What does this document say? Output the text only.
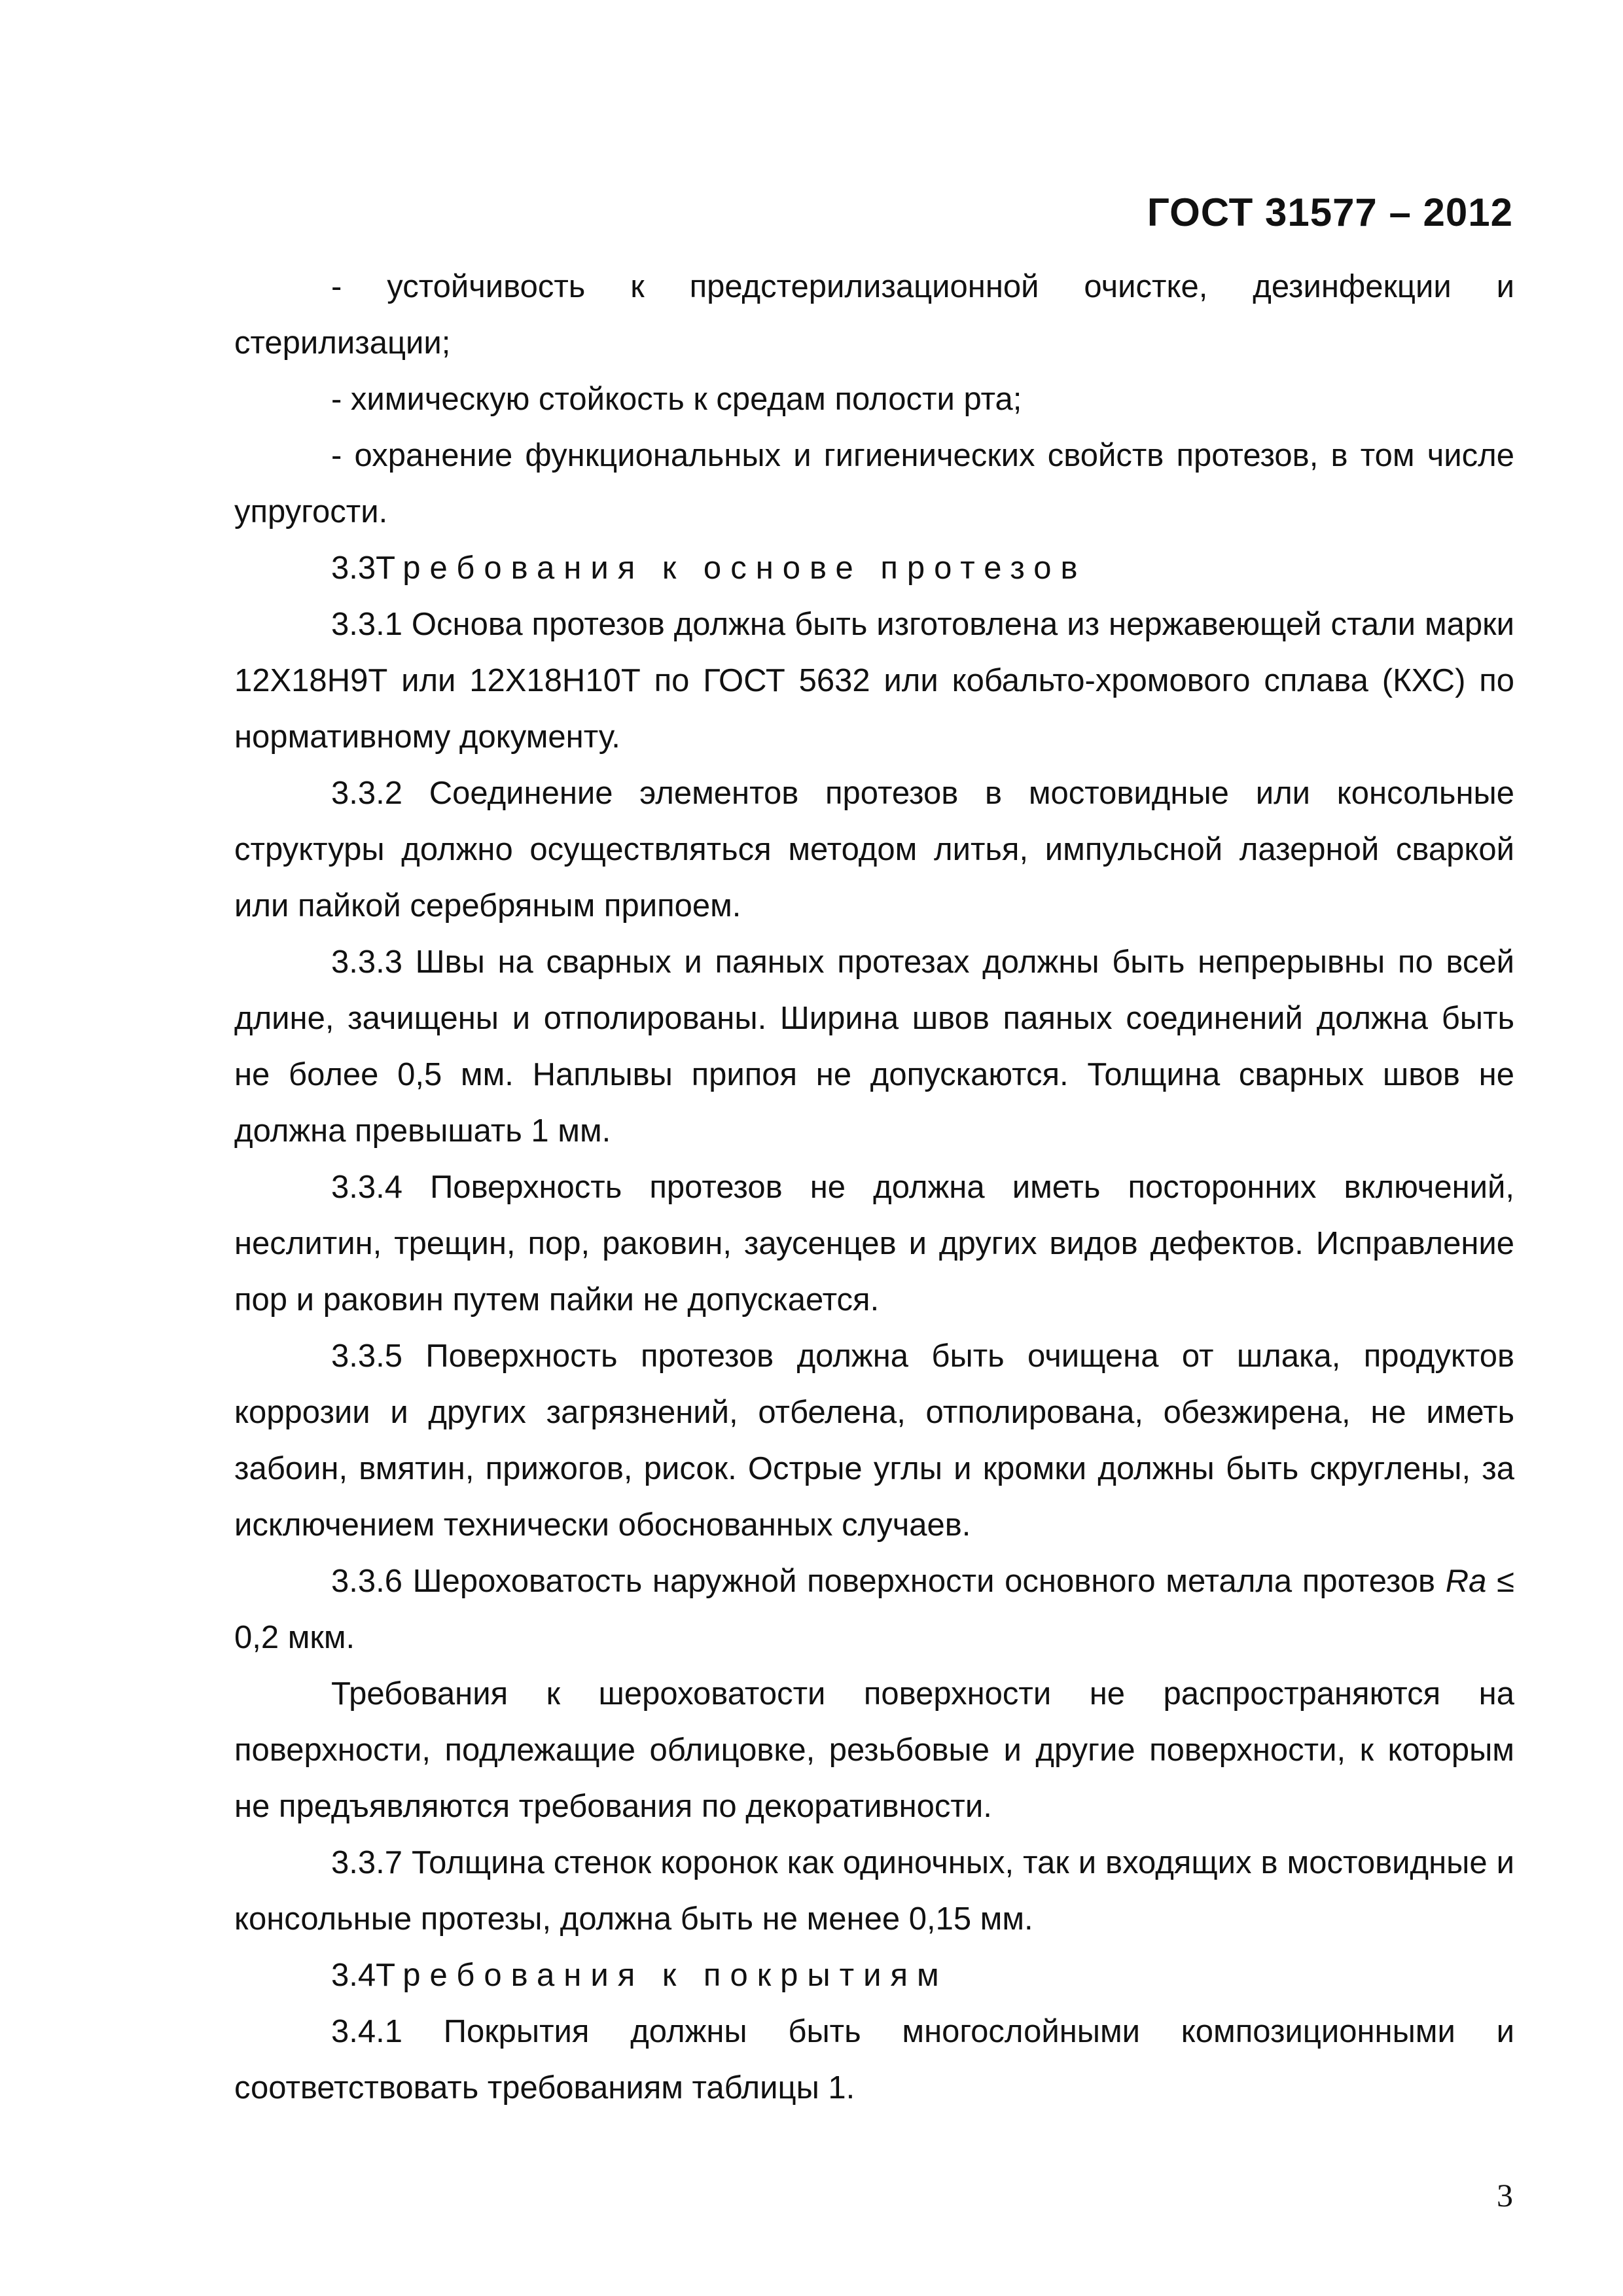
ГОСТ 31577 – 2012

- устойчивость к предстерилизационной очистке, дезинфекции и стерилизации;

- химическую стойкость к средам полости рта;

- охранение функциональных и гигиенических свойств протезов, в том числе упругости.

3.3Требования к основе протезов

3.3.1 Основа протезов должна быть изготовлена из нержавеющей стали марки 12Х18Н9Т или 12Х18Н10Т по ГОСТ 5632 или кобальто-хромового сплава (КХС) по нормативному документу.

3.3.2 Соединение элементов протезов в мостовидные или консольные структуры должно осуществляться методом литья, импульсной лазерной сваркой или пайкой серебряным припоем.

3.3.3 Швы на сварных и паяных протезах должны быть непрерывны по всей длине, зачищены и отполированы. Ширина швов паяных соединений должна быть не более 0,5 мм. Наплывы припоя не допускаются. Толщина сварных швов не должна превышать 1 мм.

3.3.4 Поверхность протезов не должна иметь посторонних включений, неслитин, трещин, пор, раковин, заусенцев и других видов дефектов. Исправление пор и раковин путем пайки не допускается.

3.3.5 Поверхность протезов должна быть очищена от шлака, продуктов коррозии и других загрязнений, отбелена, отполирована, обезжирена, не иметь забоин, вмятин, прижогов, рисок. Острые углы и кромки должны быть скруглены, за исключением технически обоснованных случаев.

3.3.6 Шероховатость наружной поверхности основного металла протезов Ra ≤ 0,2 мкм.

Требования к шероховатости поверхности не распространяются на поверхности, подлежащие облицовке, резьбовые и другие поверхности, к которым не предъявляются требования по декоративности.

3.3.7 Толщина стенок коронок как одиночных, так и входящих в мостовидные и консольные протезы, должна быть не менее 0,15 мм.

3.4Требования к покрытиям

3.4.1 Покрытия должны быть многослойными композиционными и соответствовать требованиям таблицы 1.

3
